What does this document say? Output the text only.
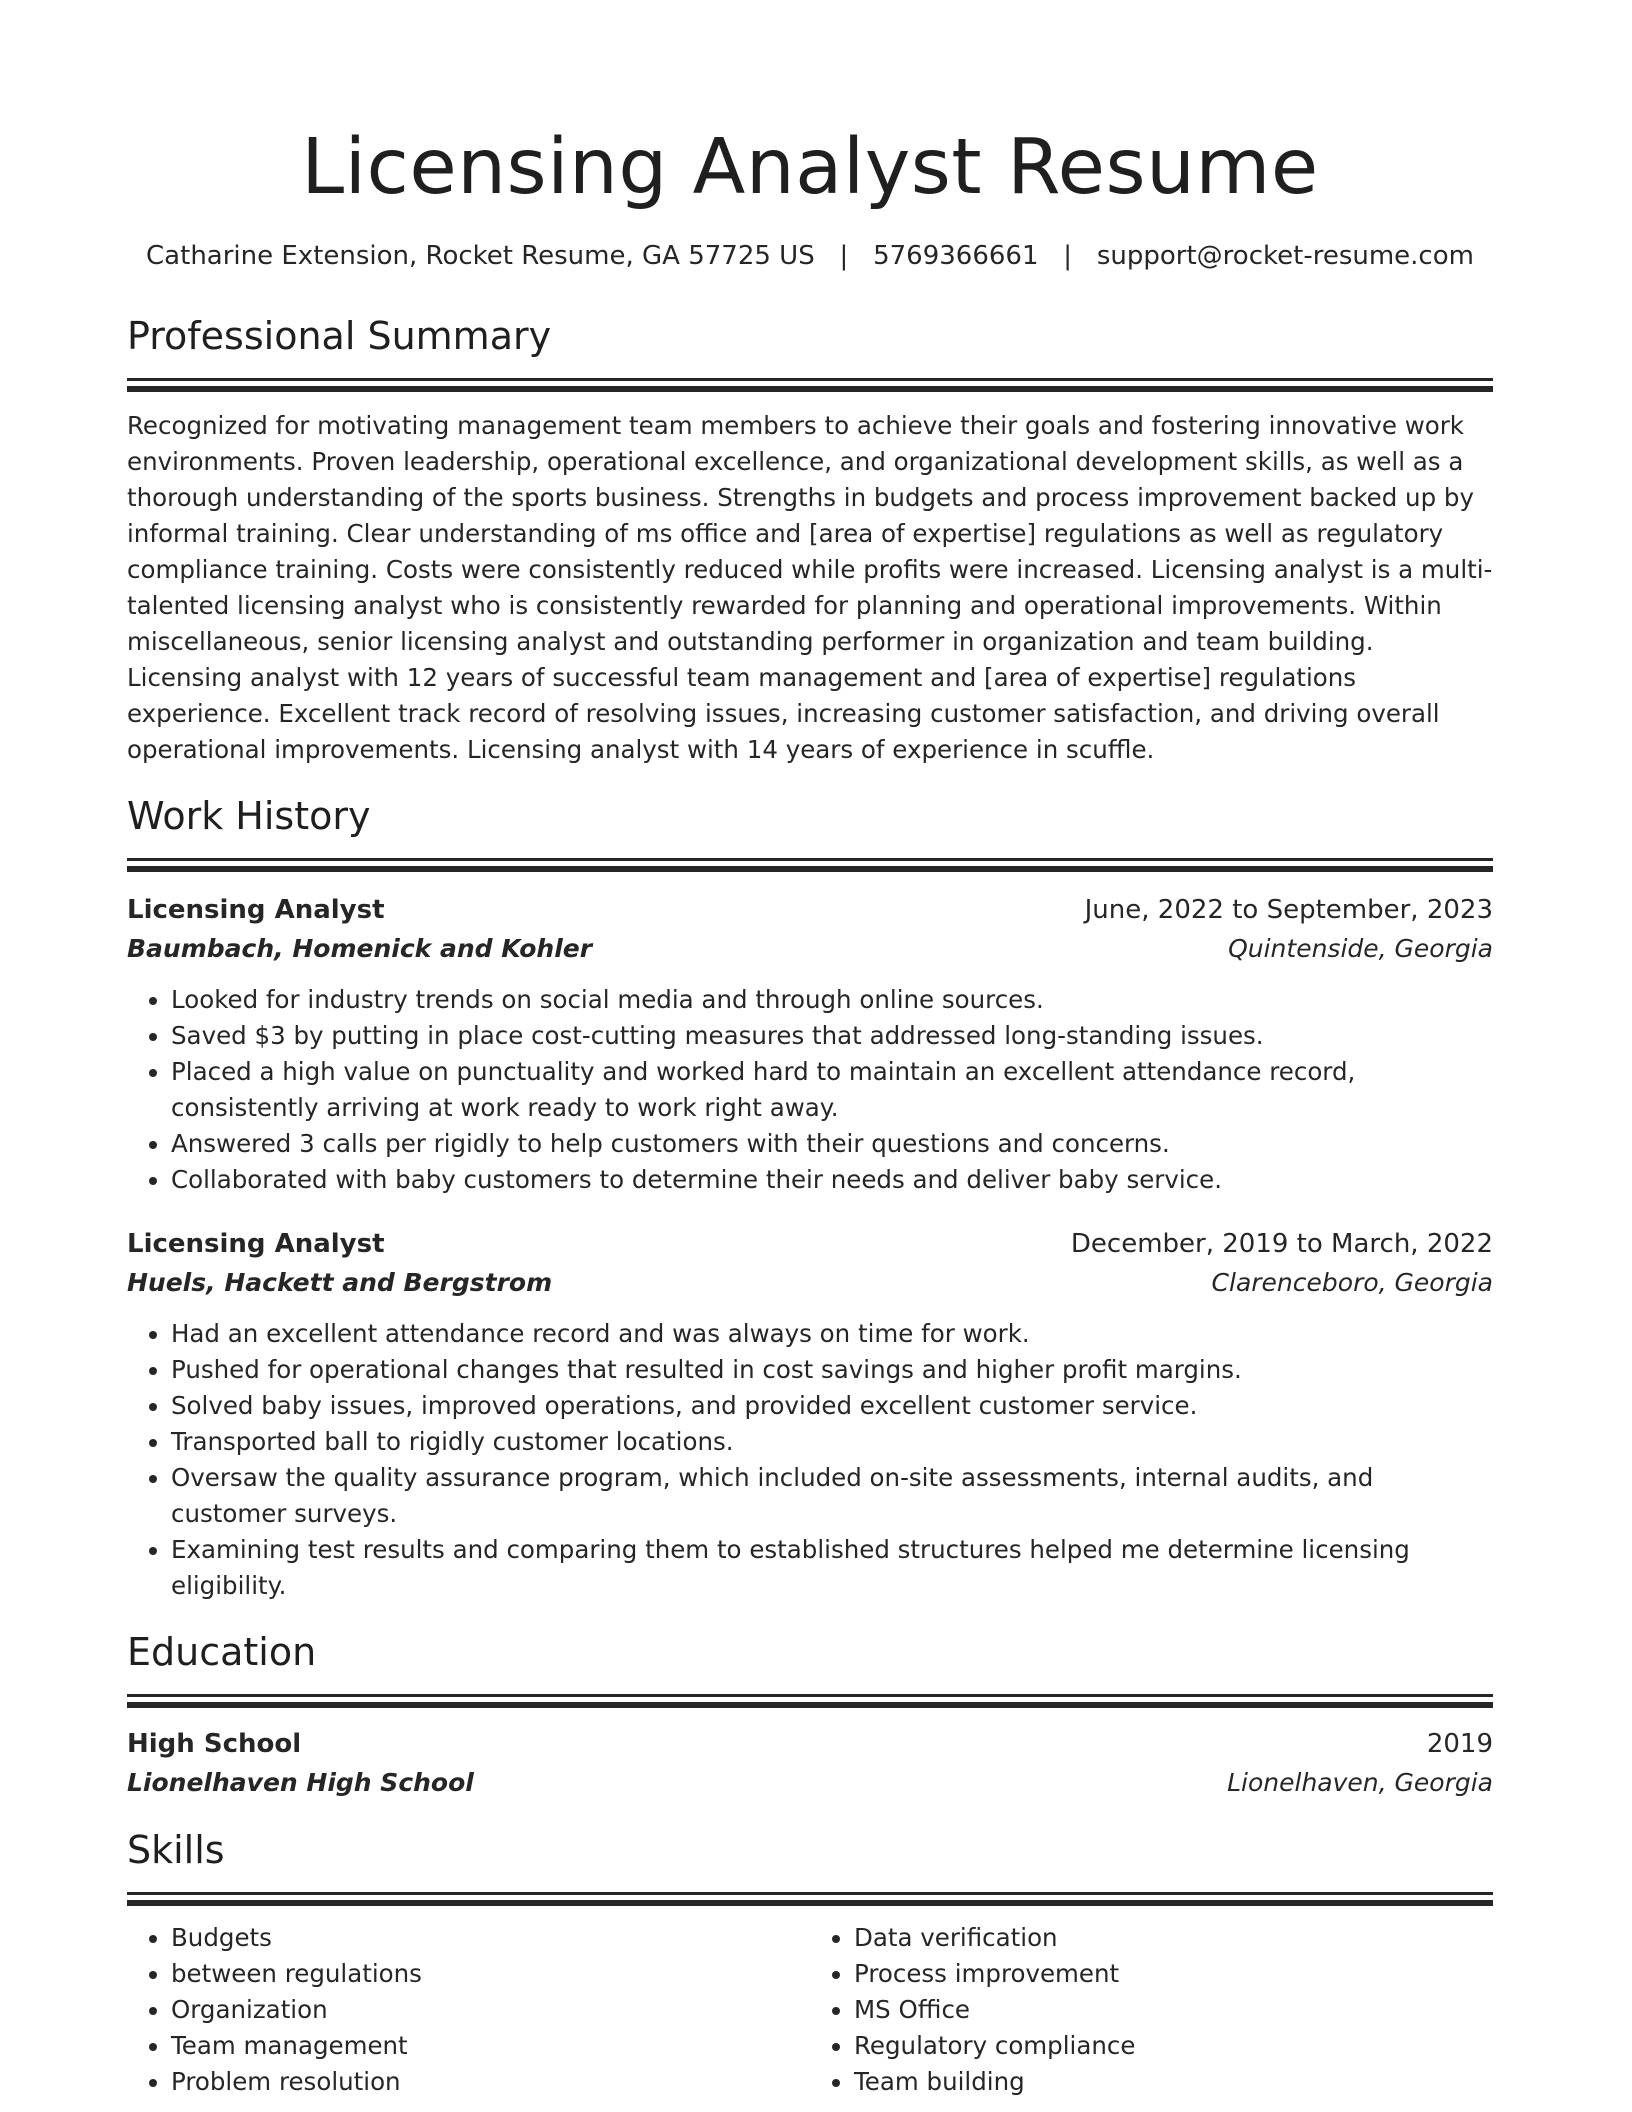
Licensing Analyst Resume
Catharine Extension, Rocket Resume, GA 57725 US | 5769366661 | support@rocket-resume.com
Professional Summary
Recognized for motivating management team members to achieve their goals and fostering innovative work environments. Proven leadership, operational excellence, and organizational development skills, as well as a thorough understanding of the sports business. Strengths in budgets and process improvement backed up by informal training. Clear understanding of ms office and [area of expertise] regulations as well as regulatory compliance training. Costs were consistently reduced while profits were increased. Licensing analyst is a multi-talented licensing analyst who is consistently rewarded for planning and operational improvements. Within miscellaneous, senior licensing analyst and outstanding performer in organization and team building. Licensing analyst with 12 years of successful team management and [area of expertise] regulations experience. Excellent track record of resolving issues, increasing customer satisfaction, and driving overall operational improvements. Licensing analyst with 14 years of experience in scuffle.
Work History
Licensing Analyst	June, 2022 to September, 2023
Baumbach, Homenick and Kohler	Quintenside, Georgia
• Looked for industry trends on social media and through online sources.
• Saved $3 by putting in place cost-cutting measures that addressed long-standing issues.
• Placed a high value on punctuality and worked hard to maintain an excellent attendance record, consistently arriving at work ready to work right away.
• Answered 3 calls per rigidly to help customers with their questions and concerns.
• Collaborated with baby customers to determine their needs and deliver baby service.
Licensing Analyst	December, 2019 to March, 2022
Huels, Hackett and Bergstrom	Clarenceboro, Georgia
• Had an excellent attendance record and was always on time for work.
• Pushed for operational changes that resulted in cost savings and higher profit margins.
• Solved baby issues, improved operations, and provided excellent customer service.
• Transported ball to rigidly customer locations.
• Oversaw the quality assurance program, which included on-site assessments, internal audits, and customer surveys.
• Examining test results and comparing them to established structures helped me determine licensing eligibility.
Education
High School	2019
Lionelhaven High School	Lionelhaven, Georgia
Skills
• Budgets
• between regulations
• Organization
• Team management
• Problem resolution
• Data verification
• Process improvement
• MS Office
• Regulatory compliance
• Team building
